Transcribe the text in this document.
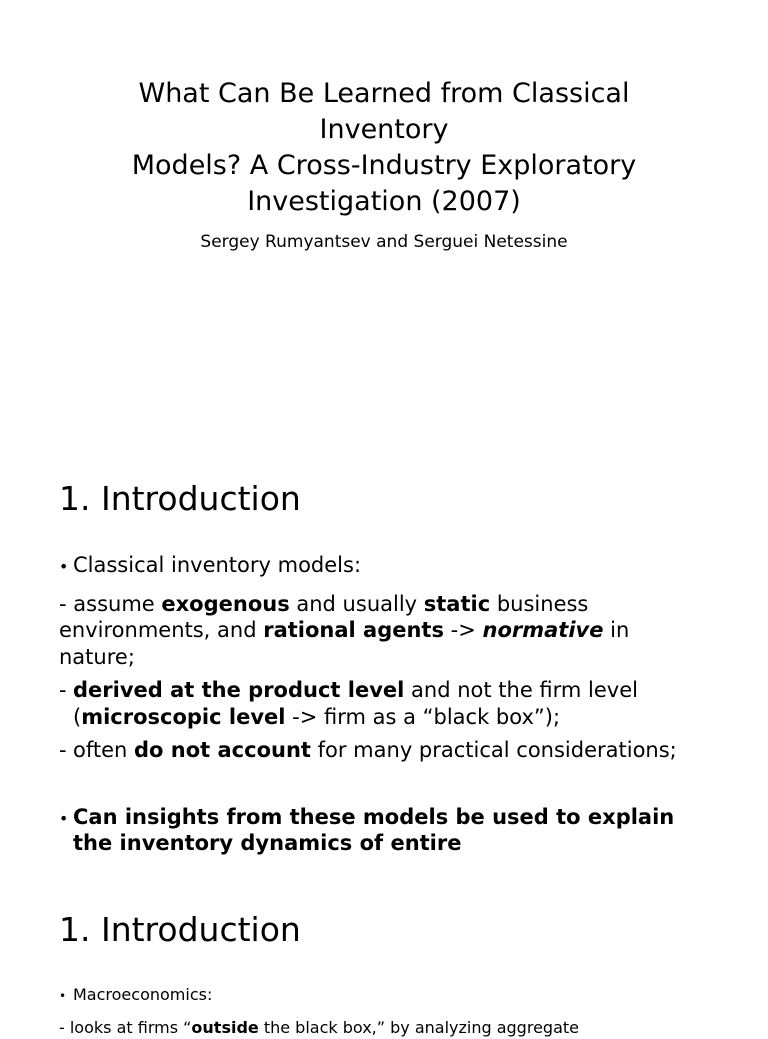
What Can Be Learned from Classical
Inventory
Models? A Cross-Industry Exploratory
Investigation (2007)
Sergey Rumyantsev and Serguei Netessine
1. Introduction
• Classical inventory models:

- assume exogenous and usually static business environments, and rational agents -> normative in nature;

- derived at the product level and not the firm level (microscopic level -> firm as a “black box”);
- often do not account for many practical considerations;
• Can insights from these models be used to explain the inventory dynamics of entire
1. Introduction
• Macroeconomics:

- looks at firms “outside the black box,” by analyzing aggregate
